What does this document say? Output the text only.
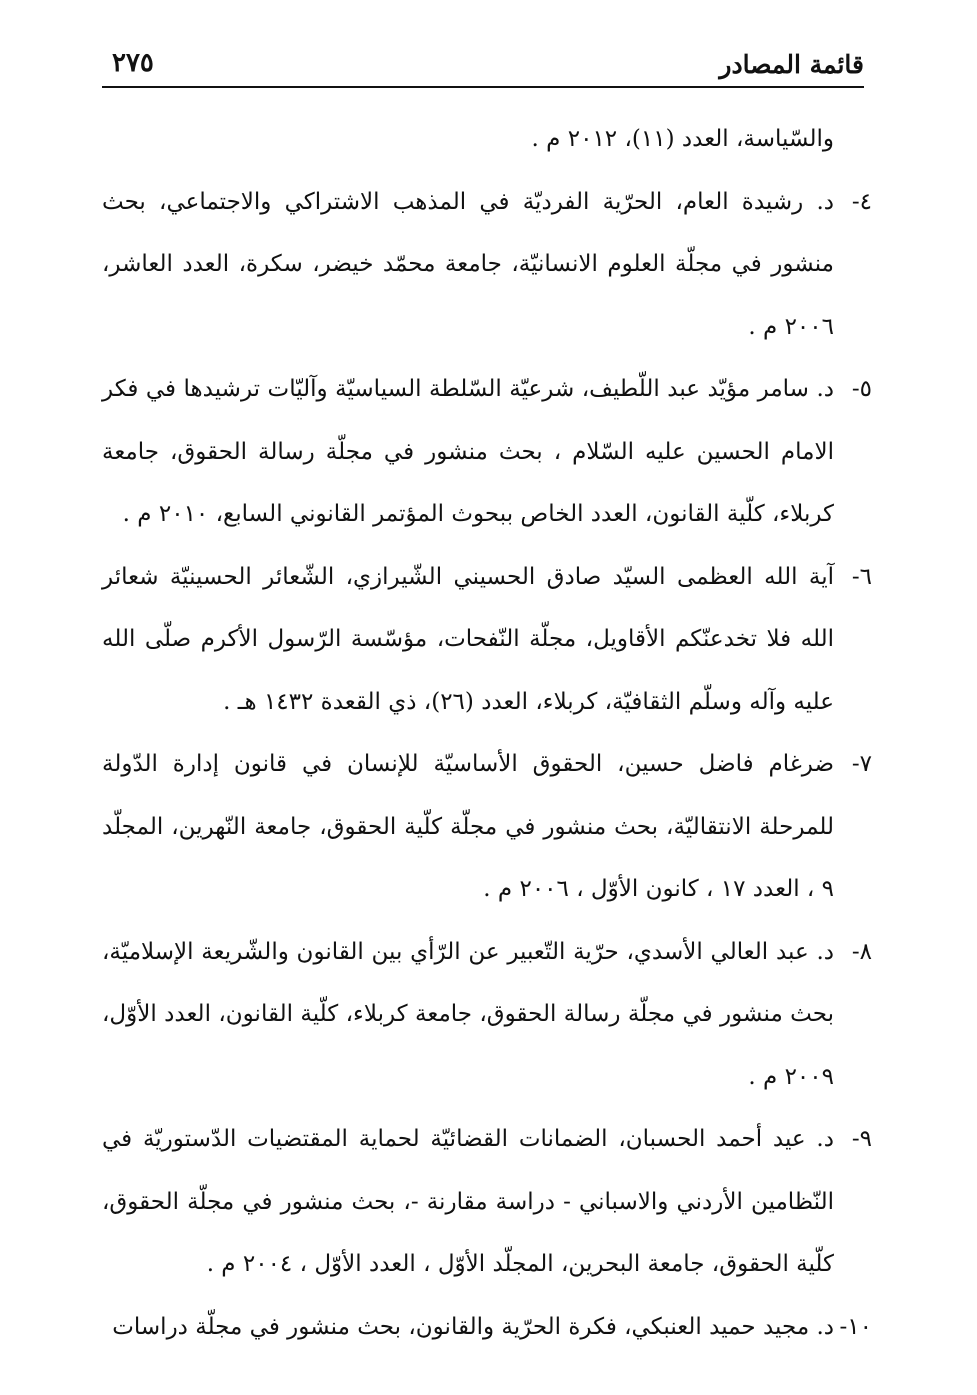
قائمة المصادر
٢٧٥
والسّياسة، العدد (١١)، ٢٠١٢ م .
٤-
د. رشيدة العام، الحرّية الفرديّة في المذهب الاشتراكي والاجتماعي، بحث منشور في مجلّة العلوم الانسانيّة، جامعة محمّد خيضر، سكرة، العدد العاشر، ٢٠٠٦ م .
٥-
د. سامر مؤيّد عبد اللّطيف، شرعيّة السّلطة السياسيّة وآليّات ترشيدها في فكر الامام الحسين عليه السّلام ، بحث منشور في مجلّة رسالة الحقوق، جامعة كربلاء، كلّية القانون، العدد الخاص ببحوث المؤتمر القانوني السابع، ٢٠١٠ م .
٦-
آية الله العظمى السيّد صادق الحسيني الشّيرازي، الشّعائر الحسينيّة شعائر الله فلا تخدعنّكم الأقاويل، مجلّة النّفحات، مؤسّسة الرّسول الأكرم صلّى الله عليه وآله وسلّم الثقافيّة، كربلاء، العدد (٢٦)، ذي القعدة ١٤٣٢ هـ .
٧-
ضرغام فاضل حسين، الحقوق الأساسيّة للإنسان في قانون إدارة الدّولة للمرحلة الانتقاليّة، بحث منشور في مجلّة كلّية الحقوق، جامعة النّهرين، المجلّد ٩ ، العدد ١٧ ، كانون الأوّل ، ٢٠٠٦ م .
٨-
د. عبد العالي الأسدي، حرّية التّعبير عن الرّأي بين القانون والشّريعة الإسلاميّة، بحث منشور في مجلّة رسالة الحقوق، جامعة كربلاء، كلّية القانون، العدد الأوّل، ٢٠٠٩ م .
٩-
د. عيد أحمد الحسبان، الضمانات القضائيّة لحماية المقتضيات الدّستوريّة في النّظامين الأردني والاسباني - دراسة مقارنة -، بحث منشور في مجلّة الحقوق، كلّية الحقوق، جامعة البحرين، المجلّد الأوّل ، العدد الأوّل ، ٢٠٠٤ م .
١٠-
د. مجيد حميد العنبكي، فكرة الحرّية والقانون، بحث منشور في مجلّة دراسات
